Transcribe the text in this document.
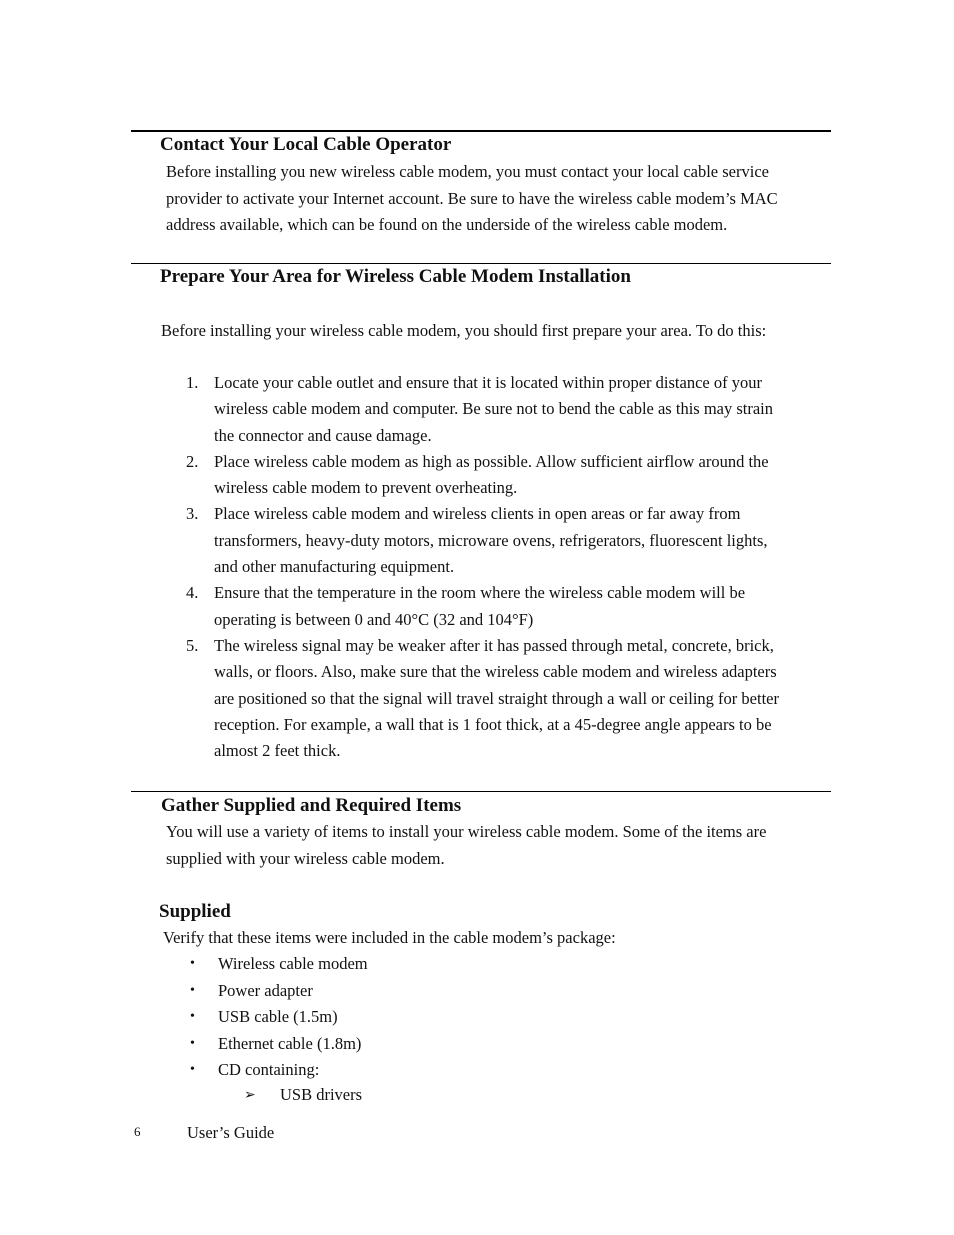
Contact Your Local Cable Operator
Before installing you new wireless cable modem, you must contact your local cable service
provider to activate your Internet account. Be sure to have the wireless cable modem’s MAC
address available, which can be found on the underside of the wireless cable modem.
Prepare Your Area for Wireless Cable Modem Installation

Before installing your wireless cable modem, you should first prepare your area. To do this:

1. Locate your cable outlet and ensure that it is located within proper distance of your
wireless cable modem and computer. Be sure not to bend the cable as this may strain
the connector and cause damage.
2. Place wireless cable modem as high as possible. Allow sufficient airflow around the
wireless cable modem to prevent overheating.
3. Place wireless cable modem and wireless clients in open areas or far away from
transformers, heavy-duty motors, microware ovens, refrigerators, fluorescent lights,
and other manufacturing equipment.
4. Ensure that the temperature in the room where the wireless cable modem will be
operating is between 0 and 40°C (32 and 104°F)
5. The wireless signal may be weaker after it has passed through metal, concrete, brick,
walls, or floors. Also, make sure that the wireless cable modem and wireless adapters
are positioned so that the signal will travel straight through a wall or ceiling for better
reception. For example, a wall that is 1 foot thick, at a 45-degree angle appears to be
almost 2 feet thick.
Gather Supplied and Required Items
You will use a variety of items to install your wireless cable modem. Some of the items are
supplied with your wireless cable modem.
Supplied

Verify that these items were included in the cable modem’s package:

• Wireless cable modem
• Power adapter
• USB cable (1.5m)
• Ethernet cable (1.8m)
• CD containing:
➢ USB drivers
6	User’s Guide
